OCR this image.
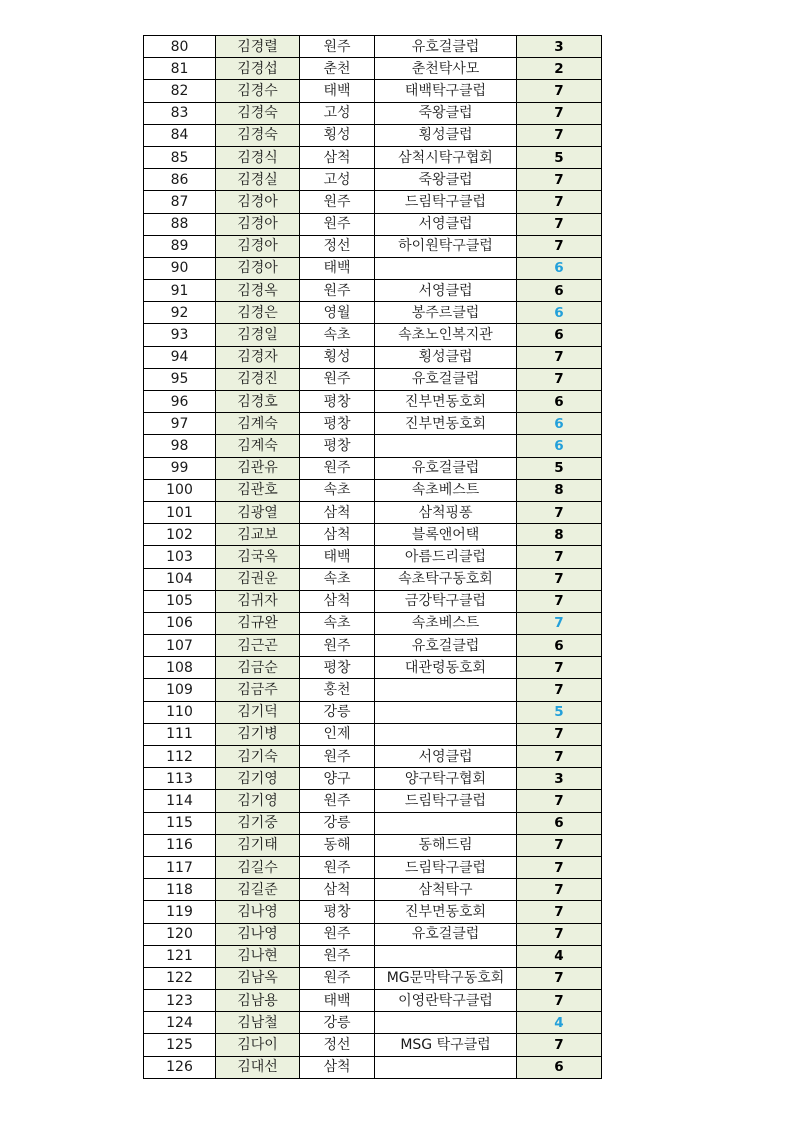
80	김경렬	원주	유호걸클럽	3
81	김경섭	춘천	춘천탁사모	2
82	김경수	태백	태백탁구클럽	7
83	김경숙	고성	죽왕클럽	7
84	김경숙	횡성	횡성클럽	7
85	김경식	삼척	삼척시탁구협회	5
86	김경실	고성	죽왕클럽	7
87	김경아	원주	드림탁구클럽	7
88	김경아	원주	서영클럽	7
89	김경아	정선	하이원탁구클럽	7
90	김경아	태백		6
91	김경옥	원주	서영클럽	6
92	김경은	영월	봉주르클럽	6
93	김경일	속초	속초노인복지관	6
94	김경자	횡성	횡성클럽	7
95	김경진	원주	유호걸클럽	7
96	김경호	평창	진부면동호회	6
97	김계숙	평창	진부면동호회	6
98	김계숙	평창		6
99	김관유	원주	유호걸클럽	5
100	김관호	속초	속초베스트	8
101	김광열	삼척	삼척핑퐁	7
102	김교보	삼척	블록앤어택	8
103	김국옥	태백	아름드리클럽	7
104	김권운	속초	속초탁구동호회	7
105	김귀자	삼척	금강탁구클럽	7
106	김규완	속초	속초베스트	7
107	김근곤	원주	유호걸클럽	6
108	김금순	평창	대관령동호회	7
109	김금주	홍천		7
110	김기덕	강릉		5
111	김기병	인제		7
112	김기숙	원주	서영클럽	7
113	김기영	양구	양구탁구협회	3
114	김기영	원주	드림탁구클럽	7
115	김기중	강릉		6
116	김기태	동해	동해드림	7
117	김길수	원주	드림탁구클럽	7
118	김길준	삼척	삼척탁구	7
119	김나영	평창	진부면동호회	7
120	김나영	원주	유호걸클럽	7
121	김나현	원주		4
122	김남옥	원주	MG문막탁구동호회	7
123	김남용	태백	이영란탁구클럽	7
124	김남철	강릉		4
125	김다이	정선	MSG 탁구클럽	7
126	김대선	삼척		6
